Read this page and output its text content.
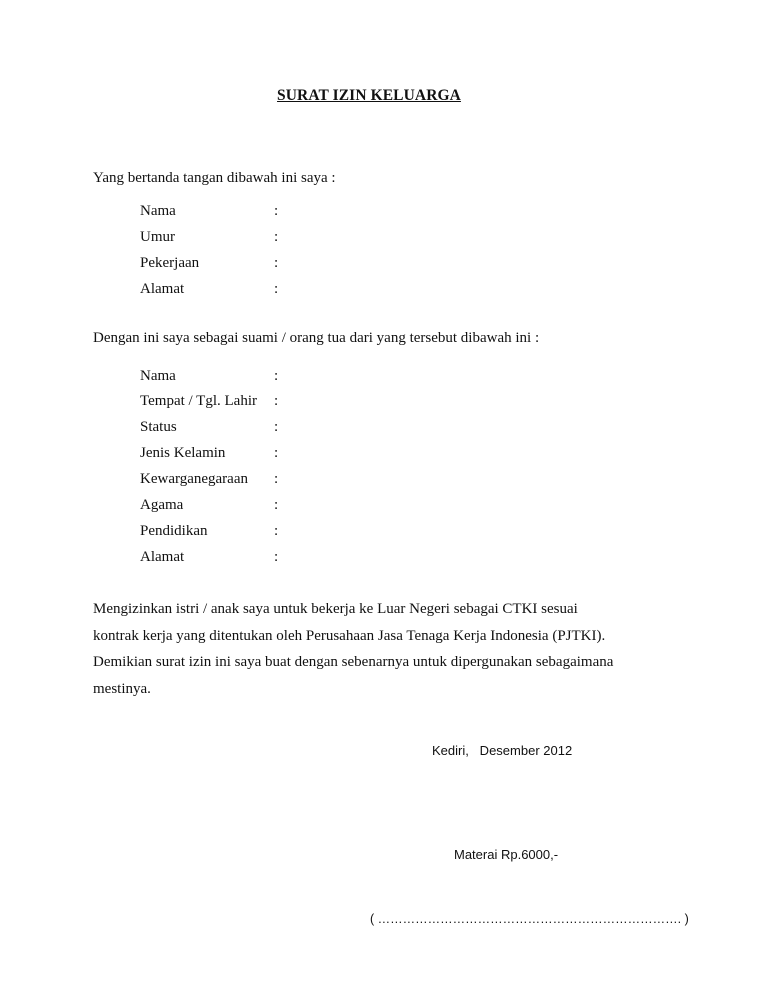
SURAT IZIN KELUARGA
Yang bertanda tangan dibawah ini saya :
Nama	:
Umur	:
Pekerjaan	:
Alamat	:
Dengan ini saya sebagai suami / orang tua dari yang tersebut dibawah ini :
Nama	:
Tempat / Tgl. Lahir :
Status	:
Jenis Kelamin	:
Kewarganegaraan :
Agama	:
Pendidikan	:
Alamat	:
Mengizinkan istri / anak saya untuk bekerja ke Luar Negeri sebagai CTKI sesuai
kontrak kerja yang ditentukan oleh Perusahaan Jasa Tenaga Kerja Indonesia (PJTKI).
Demikian surat izin ini saya buat dengan sebenarnya untuk dipergunakan sebagaimana
mestinya.
Kediri,   Desember 2012
Materai Rp.6000,-
( ………………………………………………………………. )
